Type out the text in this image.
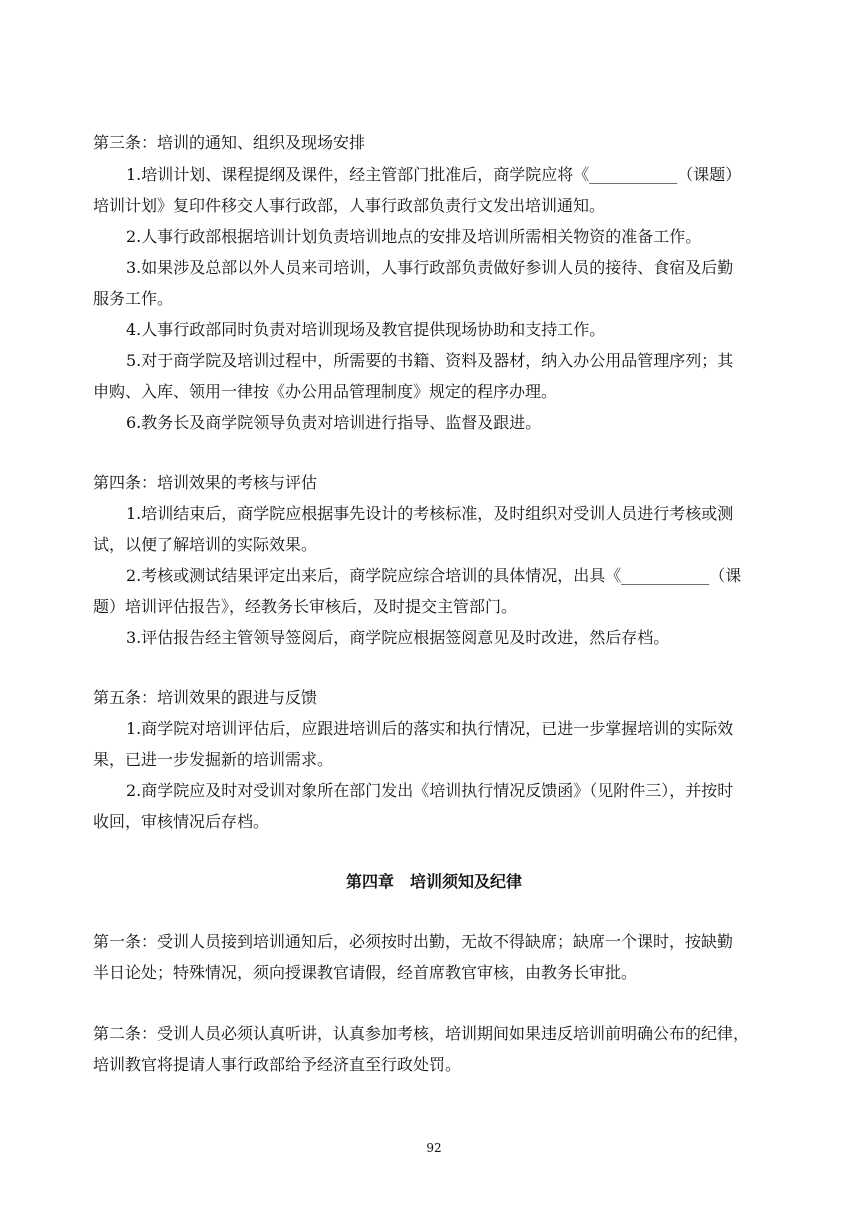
第三条：培训的通知、组织及现场安排
1.培训计划、课程提纲及课件，经主管部门批准后，商学院应将《___________（课题）
培训计划》复印件移交人事行政部，人事行政部负责行文发出培训通知。
2.人事行政部根据培训计划负责培训地点的安排及培训所需相关物资的准备工作。
3.如果涉及总部以外人员来司培训，人事行政部负责做好参训人员的接待、食宿及后勤
服务工作。
4.人事行政部同时负责对培训现场及教官提供现场协助和支持工作。
5.对于商学院及培训过程中，所需要的书籍、资料及器材，纳入办公用品管理序列；其
申购、入库、领用一律按《办公用品管理制度》规定的程序办理。
6.教务长及商学院领导负责对培训进行指导、监督及跟进。
第四条：培训效果的考核与评估
1.培训结束后，商学院应根据事先设计的考核标准，及时组织对受训人员进行考核或测
试，以便了解培训的实际效果。
2.考核或测试结果评定出来后，商学院应综合培训的具体情况，出具《___________（课
题）培训评估报告》，经教务长审核后，及时提交主管部门。
3.评估报告经主管领导签阅后，商学院应根据签阅意见及时改进，然后存档。
第五条：培训效果的跟进与反馈
1.商学院对培训评估后，应跟进培训后的落实和执行情况，已进一步掌握培训的实际效
果，已进一步发掘新的培训需求。
2.商学院应及时对受训对象所在部门发出《培训执行情况反馈函》（见附件三），并按时
收回，审核情况后存档。
第四章　培训须知及纪律
第一条：受训人员接到培训通知后，必须按时出勤，无故不得缺席；缺席一个课时，按缺勤
半日论处；特殊情况，须向授课教官请假，经首席教官审核，由教务长审批。
第二条：受训人员必须认真听讲，认真参加考核，培训期间如果违反培训前明确公布的纪律，
培训教官将提请人事行政部给予经济直至行政处罚。
92
